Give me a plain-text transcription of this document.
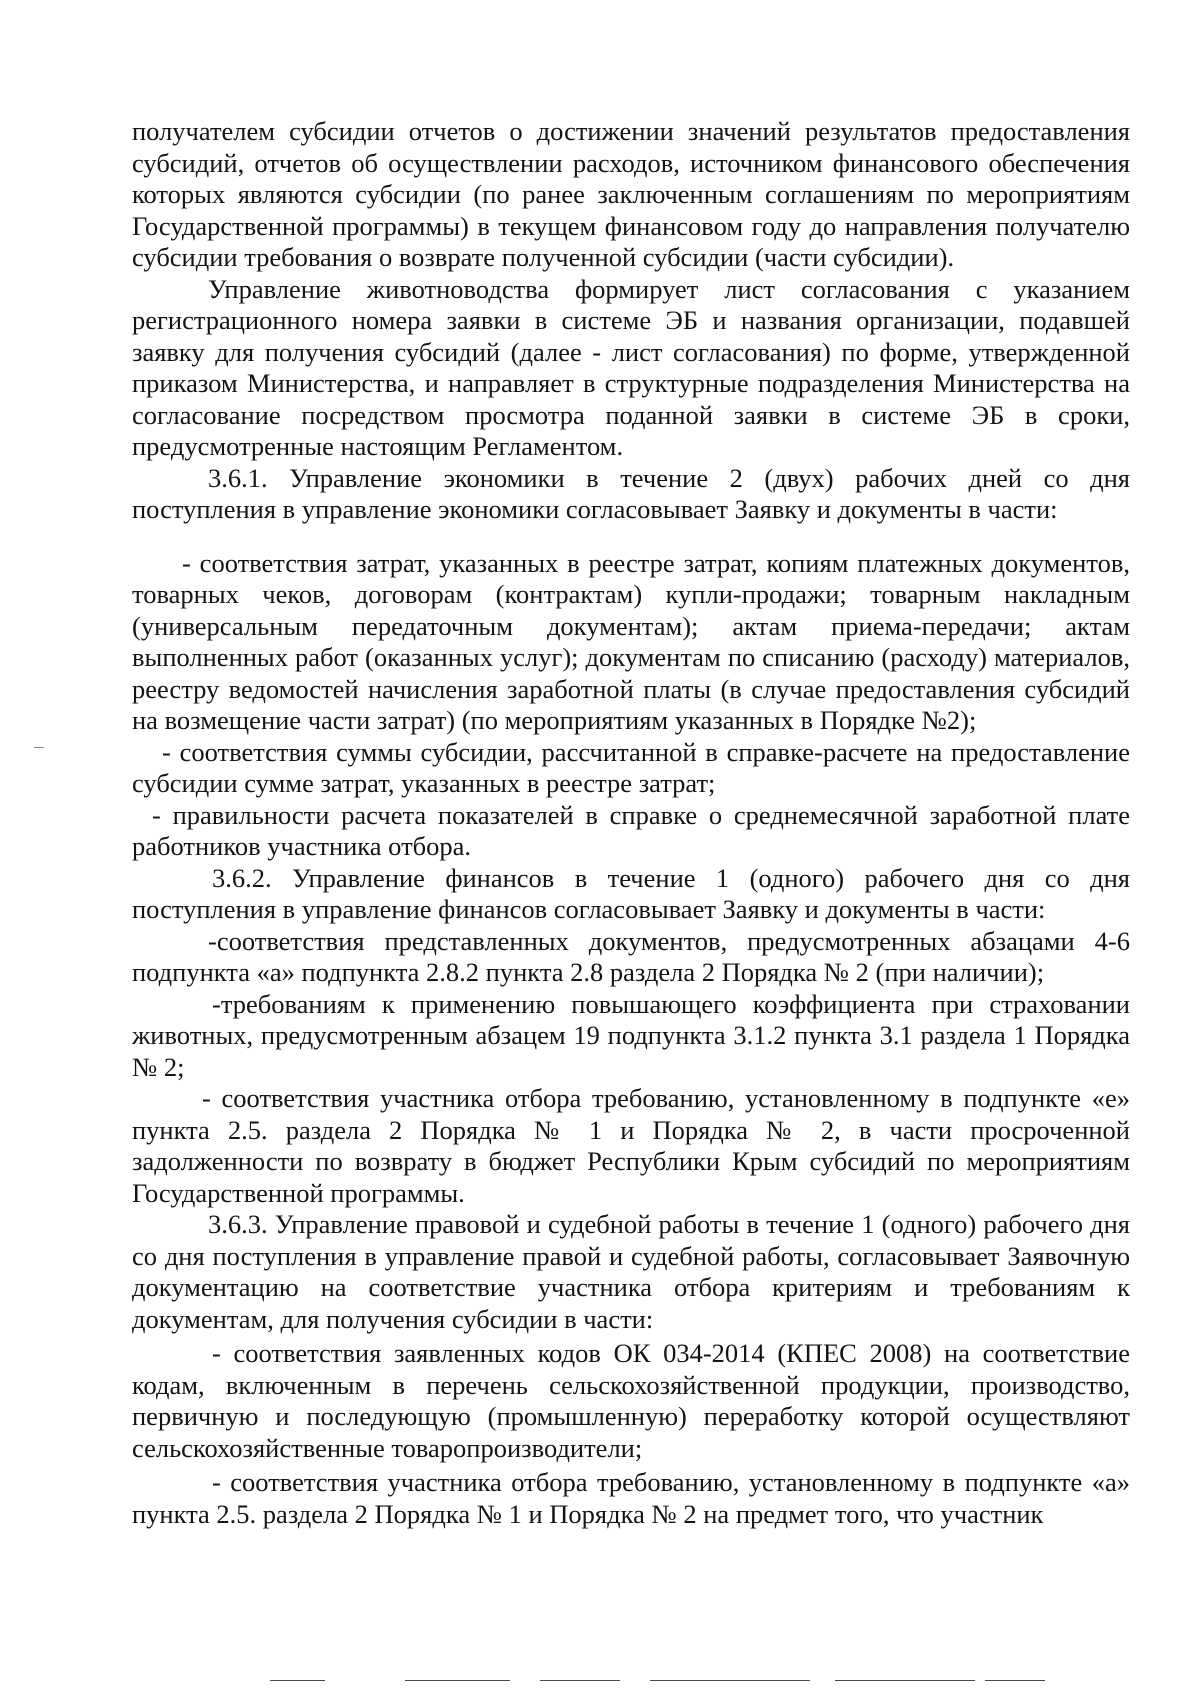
получателем субсидии отчетов о достижении значений результатов предоставления субсидий, отчетов об осуществлении расходов, источником финансового обеспечения которых являются субсидии (по ранее заключенным соглашениям по мероприятиям Государственной программы) в текущем финансовом году до направления получателю субсидии требования о возврате полученной субсидии (части субсидии).

Управление животноводства формирует лист согласования с указанием регистрационного номера заявки в системе ЭБ и названия организации, подавшей заявку для получения субсидий (далее - лист согласования) по форме, утвержденной приказом Министерства, и направляет в структурные подразделения Министерства на согласование посредством просмотра поданной заявки в системе ЭБ в сроки, предусмотренные настоящим Регламентом.

3.6.1. Управление экономики в течение 2 (двух) рабочих дней со дня поступления в управление экономики согласовывает Заявку и документы в части:

- соответствия затрат, указанных в реестре затрат, копиям платежных документов, товарных чеков, договорам (контрактам) купли-продажи; товарным накладным (универсальным передаточным документам); актам приема-передачи; актам выполненных работ (оказанных услуг); документам по списанию (расходу) материалов, реестру ведомостей начисления заработной платы (в случае предоставления субсидий на возмещение части затрат) (по мероприятиям указанных в Порядке №2);

- соответствия суммы субсидии, рассчитанной в справке-расчете на предоставление субсидии сумме затрат, указанных в реестре затрат;

- правильности расчета показателей в справке о среднемесячной заработной плате работников участника отбора.

3.6.2. Управление финансов в течение 1 (одного) рабочего дня со дня поступления в управление финансов согласовывает Заявку и документы в части:

-соответствия представленных документов, предусмотренных абзацами 4-6 подпункта «а» подпункта 2.8.2 пункта 2.8 раздела 2 Порядка № 2 (при наличии);

-требованиям к применению повышающего коэффициента при страховании животных, предусмотренным абзацем 19 подпункта 3.1.2 пункта 3.1 раздела 1 Порядка № 2;

- соответствия участника отбора требованию, установленному в подпункте «е» пункта 2.5. раздела 2 Порядка № 1 и Порядка № 2, в части просроченной задолженности по возврату в бюджет Республики Крым субсидий по мероприятиям Государственной программы.

3.6.3. Управление правовой и судебной работы в течение 1 (одного) рабочего дня со дня поступления в управление правой и судебной работы, согласовывает Заявочную документацию на соответствие участника отбора критериям и требованиям к документам, для получения субсидии в части:

- соответствия заявленных кодов ОК 034-2014 (КПЕС 2008) на соответствие кодам, включенным в перечень сельскохозяйственной продукции, производство, первичную и последующую (промышленную) переработку которой осуществляют сельскохозяйственные товаропроизводители;

- соответствия участника отбора требованию, установленному в подпункте «а» пункта 2.5. раздела 2 Порядка № 1 и Порядка № 2 на предмет того, что участник
